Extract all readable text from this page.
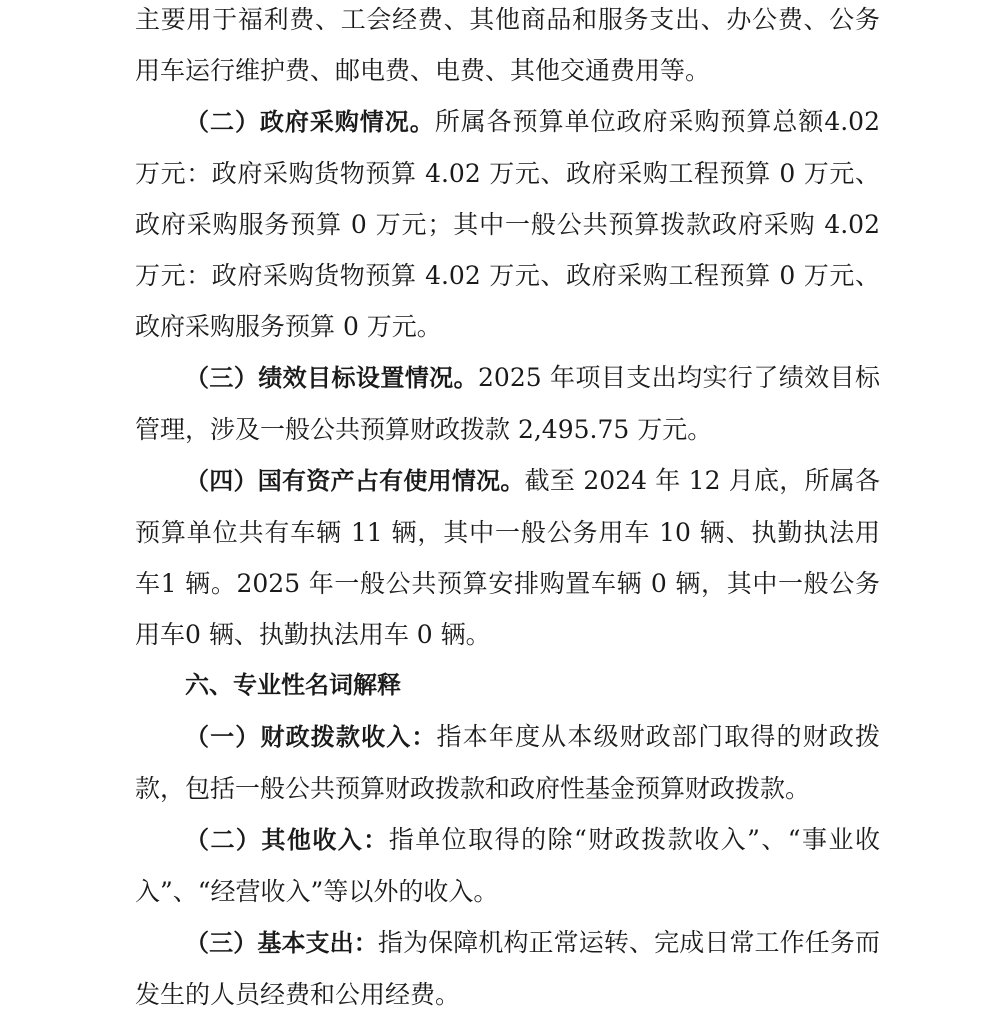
主要用于福利费、工会经费、其他商品和服务支出、办公费、公务用车运行维护费、邮电费、电费、其他交通费用等。

（二）政府采购情况。所属各预算单位政府采购预算总额4.02万元：政府采购货物预算 4.02 万元、政府采购工程预算 0 万元、政府采购服务预算 0 万元；其中一般公共预算拨款政府采购 4.02万元：政府采购货物预算 4.02 万元、政府采购工程预算 0 万元、政府采购服务预算 0 万元。

（三）绩效目标设置情况。2025 年项目支出均实行了绩效目标管理，涉及一般公共预算财政拨款 2,495.75 万元。

（四）国有资产占有使用情况。截至 2024 年 12 月底，所属各预算单位共有车辆 11 辆，其中一般公务用车 10 辆、执勤执法用车1 辆。2025 年一般公共预算安排购置车辆 0 辆，其中一般公务用车0 辆、执勤执法用车 0 辆。

六、专业性名词解释

（一）财政拨款收入：指本年度从本级财政部门取得的财政拨款，包括一般公共预算财政拨款和政府性基金预算财政拨款。

（二）其他收入：指单位取得的除“财政拨款收入”、“事业收入”、“经营收入”等以外的收入。

（三）基本支出：指为保障机构正常运转、完成日常工作任务而发生的人员经费和公用经费。
